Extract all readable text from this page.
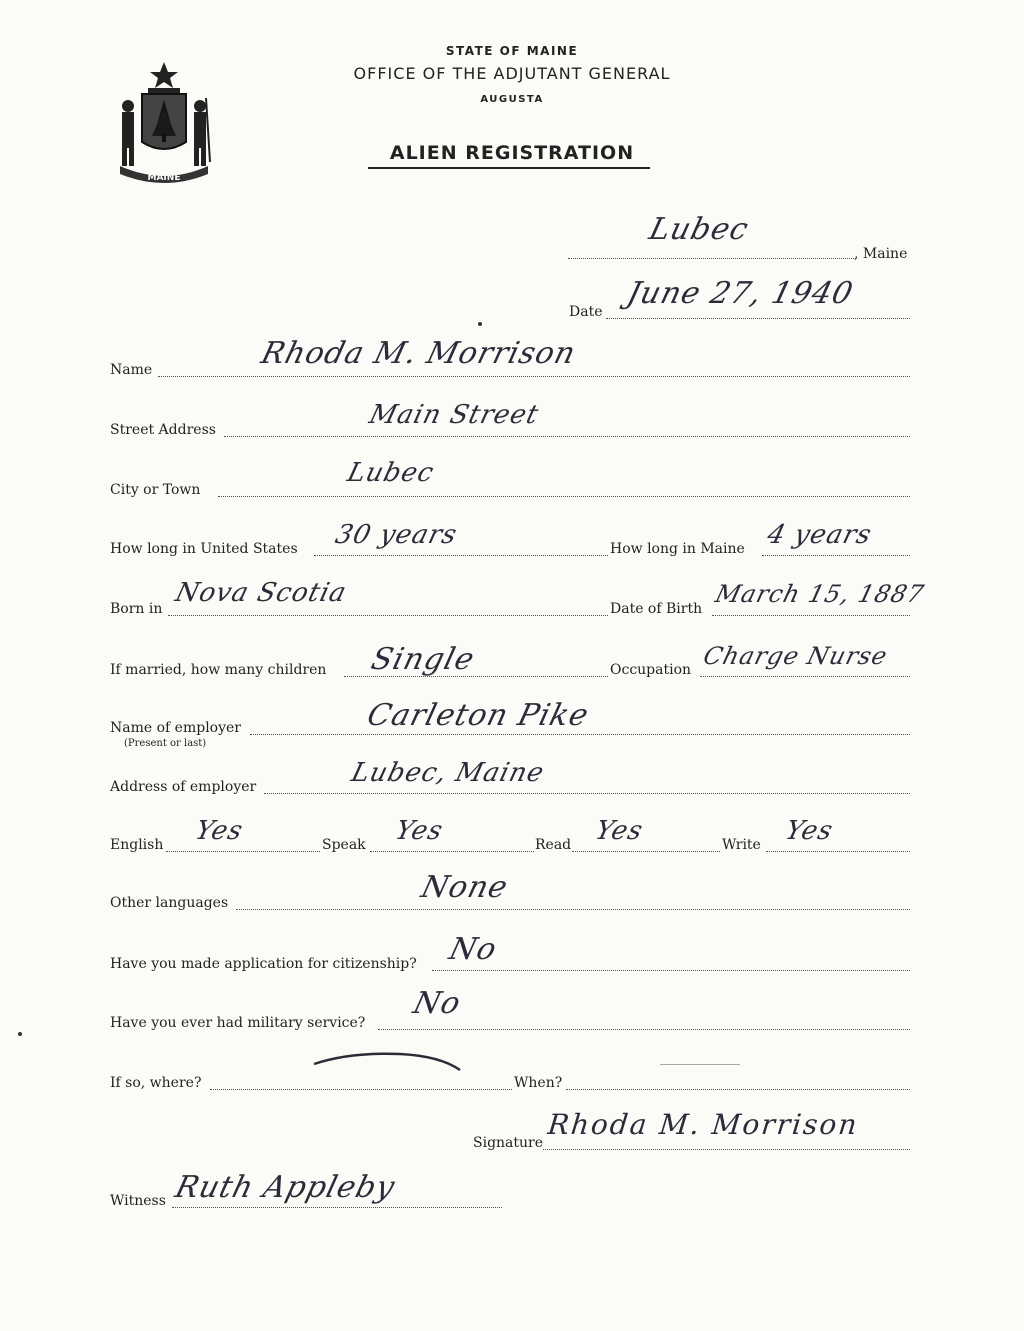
MAINE
STATE OF MAINE
OFFICE OF THE ADJUTANT GENERAL
AUGUSTA
ALIEN REGISTRATION
Lubec
, Maine
Date
June 27, 1940
Name	Rhoda M. Morrison
Street Address	Main Street
City or Town
Lubec
How long in United States 30 years	How long in Maine 4 years
Born in
Nova Scotia
Date of Birth
March 15, 1887
If married, how many children Single	Occupation Charge Nurse
Name of employer
(Present or last)
Carleton Pike
Address of employer	Lubec, Maine
English Yes	Speak Yes	Read Yes	Write Yes
Other languages	None
Have you made application for citizenship? No
Have you ever had military service?
No
If so, where?	When?
Signature
Rhoda M. Morrison
Witness Ruth Appleby
